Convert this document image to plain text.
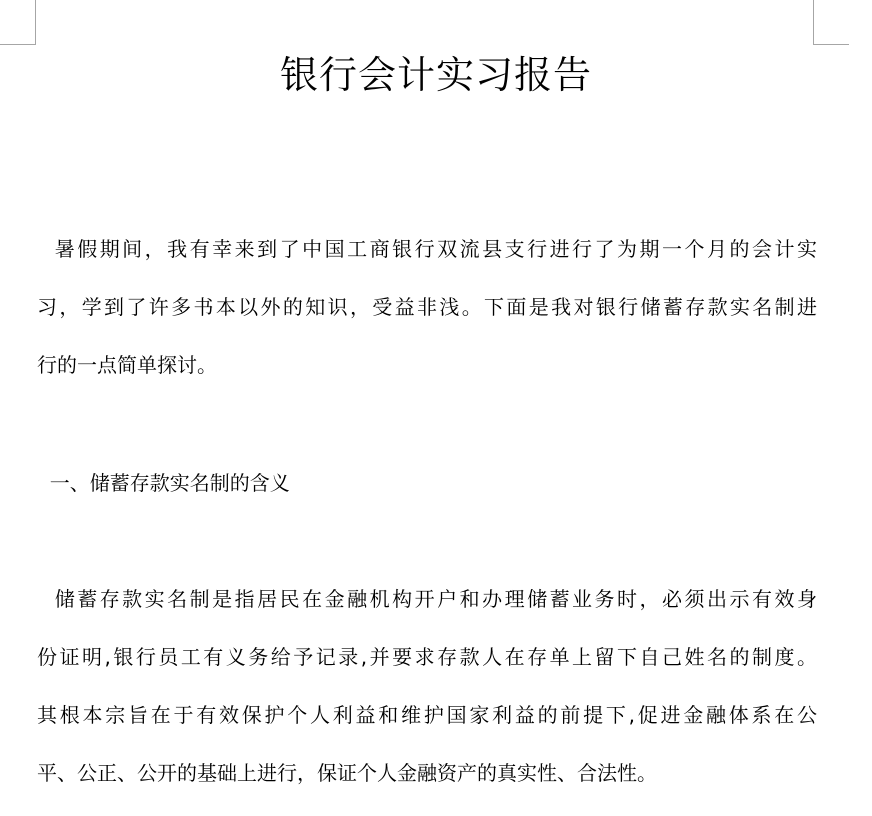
银行会计实习报告
暑假期间，我有幸来到了中国工商银行双流县支行进行了为期一个月的会计实
习，学到了许多书本以外的知识，受益非浅。下面是我对银行储蓄存款实名制进
行的一点简单探讨。
一、储蓄存款实名制的含义
储蓄存款实名制是指居民在金融机构开户和办理储蓄业务时，必须出示有效身
份证明,银行员工有义务给予记录,并要求存款人在存单上留下自己姓名的制度。
其根本宗旨在于有效保护个人利益和维护国家利益的前提下,促进金融体系在公
平、公正、公开的基础上进行，保证个人金融资产的真实性、合法性。
